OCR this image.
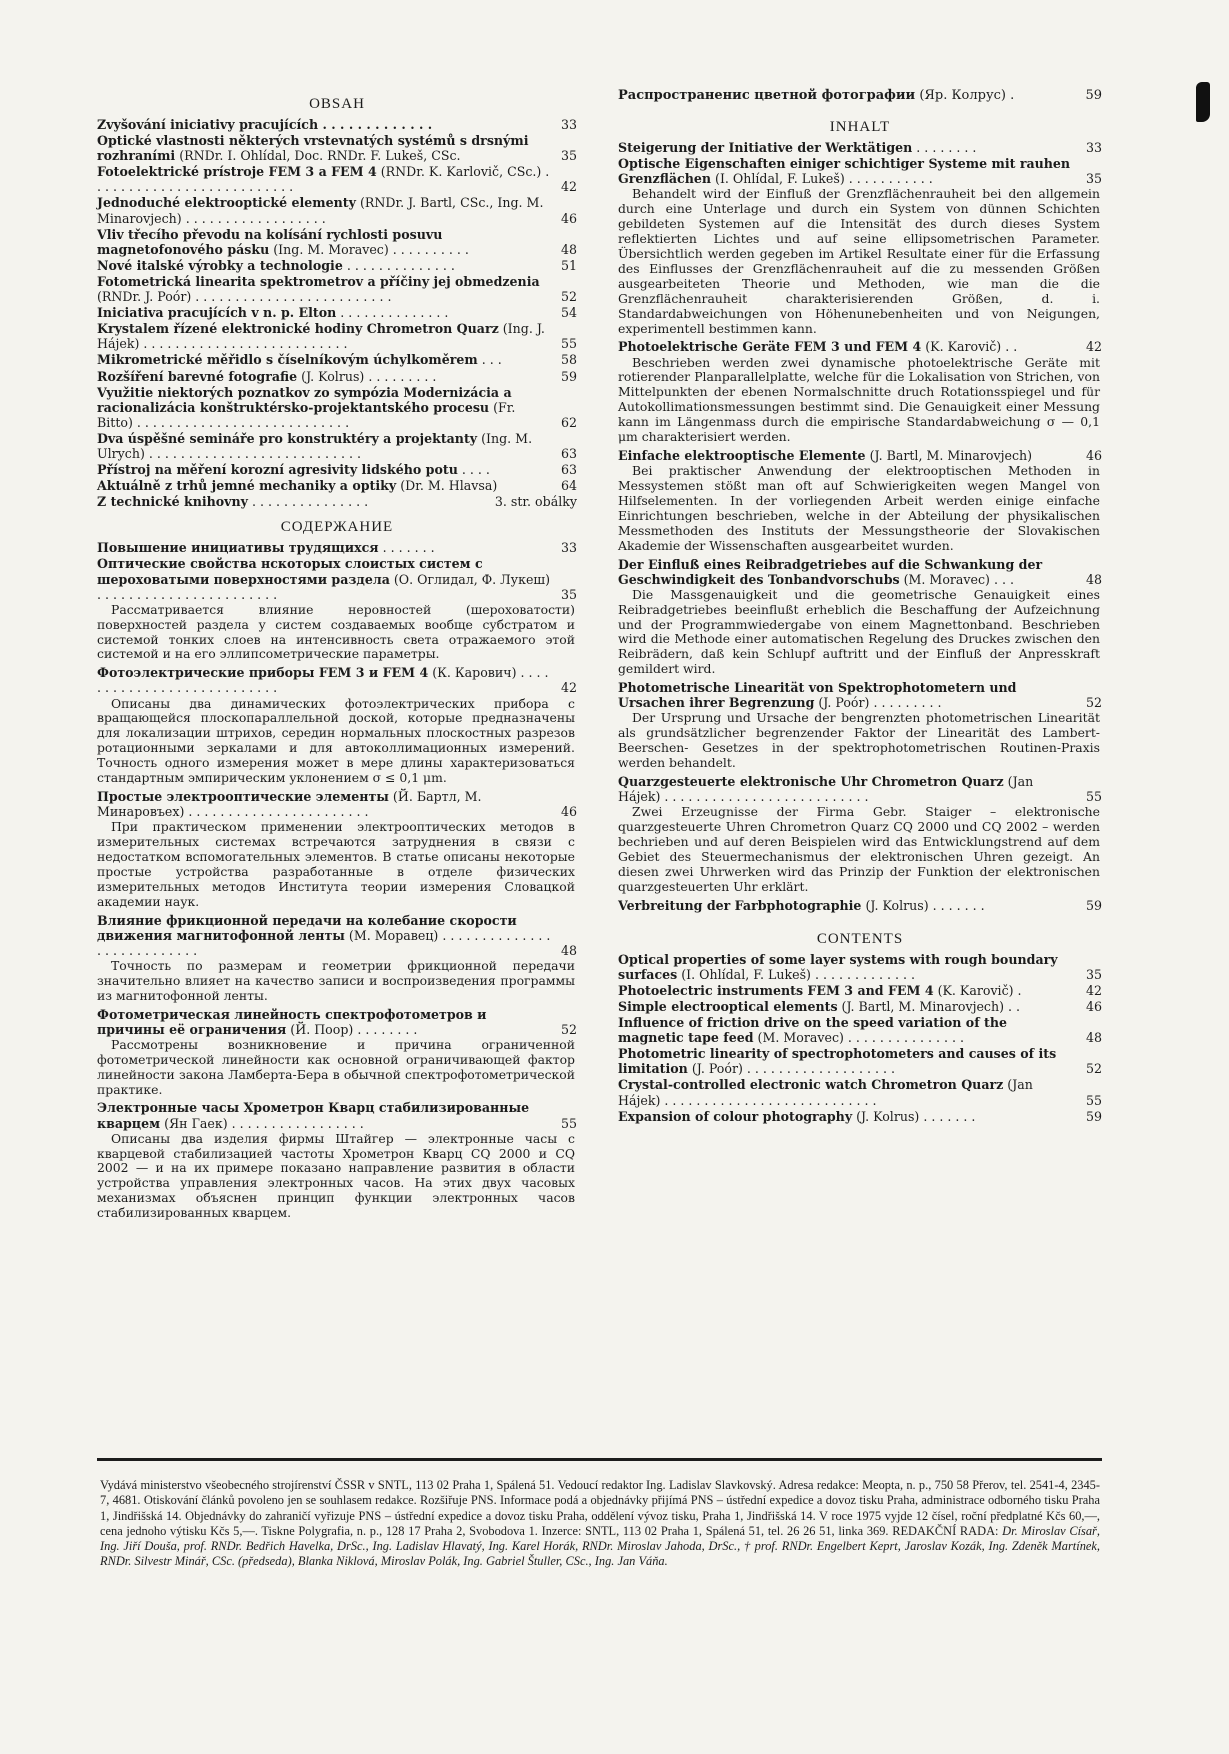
OBSAH
Zvyšování iniciativy pracujících . . . . . . . . . . . . .	33
Optické vlastnosti některých vrstevnatých systémů s drsnými rozhraními (RNDr. I. Ohlídal, Doc. RNDr. F. Lukeš, CSc.	35
Fotoelektrické prístroje FEM 3 a FEM 4 (RNDr. K. Karlovič, CSc.) . . . . . . . . . . . . . . . . . . . . . . . . . .	42
Jednoduché elektrooptické elementy (RNDr. J. Bartl, CSc., Ing. M. Minarovjech) . . . . . . . . . . . . . . . . . .	46
Vliv třecího převodu na kolísání rychlosti posuvu magnetofonového pásku (Ing. M. Moravec) . . . . . . . . . .	48
Nové italské výrobky a technologie . . . . . . . . . . . . . .	51
Fotometrická linearita spektrometrov a příčiny jej obmedzenia (RNDr. J. Poór) . . . . . . . . . . . . . . . . . . . . . . . . .	52
Iniciativa pracujících v n. p. Elton . . . . . . . . . . . . . .	54
Krystalem řízené elektronické hodiny Chrometron Quarz (Ing. J. Hájek) . . . . . . . . . . . . . . . . . . . . . . . . . .	55
Mikrometrické měřidlo s číselníkovým úchylkoměrem . . .	58
Rozšíření barevné fotografie (J. Kolrus) . . . . . . . . .	59
Využitie niektorých poznatkov zo sympózia Modernizácia a racionalizácia konštruktérsko-projektantského procesu (Fr. Bitto) . . . . . . . . . . . . . . . . . . . . . . . . . . .	62
Dva úspěšné semináře pro konstruktéry a projektanty (Ing. M. Ulrych) . . . . . . . . . . . . . . . . . . . . . . . . . . .	63
Přístroj na měření korozní agresivity lidského potu . . . .	63
Aktuálně z trhů jemné mechaniky a optiky (Dr. M. Hlavsa)	64
Z technické knihovny . . . . . . . . . . . . . . .	3. str. obálky
СОДЕРЖАНИЕ
Повышение инициативы трудящихся . . . . . . .	33
Оптические свойства нскоторых слоистых систем с шероховатыми поверхностями раздела (О. Оглидал, Ф. Лукеш) . . . . . . . . . . . . . . . . . . . . . . .	35
Рассматривается влияние неровностей (шероховатости) поверхностей раздела у систем создаваемых вообще субстратом и системой тонких слоев на интенсивность света отражаемого этой системой и на его эллипсометрические параметры.
Фотоэлектрические приборы FEM 3 и FEM 4 (К. Карович) . . . . . . . . . . . . . . . . . . . . . . . . . . .	42
Описаны два динамических фотоэлектрических прибора с вращающейся плоскопараллельной доской, которые предназначены для локализации штрихов, середин нормальных плоскостных разрезов ротационными зеркалами и для автоколлимационных измерений. Точность одного измерения может в мере длины характеризоваться стандартным эмпирическим уклонением σ ≤ 0,1 μm.
Простые электрооптические элементы (Й. Бартл, М. Минаровъех) . . . . . . . . . . . . . . . . . . . . . . .	46
При практическом применении электрооптических методов в измерительных системах встречаются затруднения в связи с недостатком вспомогательных элементов. В статье описаны некоторые простые устройства разработанные в отделе физических измерительных методов Института теории измерения Словацкой академии наук.
Влияние фрикционной передачи на колебание скорости движения магнитофонной ленты (М. Моравец) . . . . . . . . . . . . . . . . . . . . . . . . . . .	48
Точность по размерам и геометрии фрикционной передачи значительно влияет на качество записи и воспроизведения программы из магнитофонной ленты.
Фотометрическая линейность спектрофотометров и причины её ограничения (Й. Поор) . . . . . . . .	52
Рассмотрены возникновение и причина ограниченной фотометрической линейности как основной ограничивающей фактор линейности закона Ламберта-Бера в обычной спектрофотометрической практике.
Электронные часы Хрометрон Кварц стабилизированные кварцем (Ян Гаек) . . . . . . . . . . . . . . . . .	55
Описаны два изделия фирмы Штайгер — электронные часы с кварцевой стабилизацией частоты Хрометрон Кварц CQ 2000 и CQ 2002 — и на их примере показано направление развития в области устройства управления электронных часов. На этих двух часовых механизмах объяснен принцип функции электронных часов стабилизированных кварцем.
Распространенис цветной фотографии (Яр. Колрус) .	59
INHALT
Steigerung der Initiative der Werktätigen . . . . . . . .	33
Optische Eigenschaften einiger schichtiger Systeme mit rauhen Grenzflächen (I. Ohlídal, F. Lukeš) . . . . . . . . . . .	35
Behandelt wird der Einfluß der Grenzflächenrauheit bei den allgemein durch eine Unterlage und durch ein System von dünnen Schichten gebildeten Systemen auf die Intensität des durch dieses System reflektierten Lichtes und auf seine ellipsometrischen Parameter. Übersichtlich werden gegeben im Artikel Resultate einer für die Erfassung des Einflusses der Grenzflächenrauheit auf die zu messenden Größen ausgearbeiteten Theorie und Methoden, wie man die die Grenzflächenrauheit charakterisierenden Größen, d. i. Standardabweichungen von Höhenunebenheiten und von Neigungen, experimentell bestimmen kann.
Photoelektrische Geräte FEM 3 und FEM 4 (K. Karovič) . .	42
Beschrieben werden zwei dynamische photoelektrische Geräte mit rotierender Planparallelplatte, welche für die Lokalisation von Strichen, von Mittelpunkten der ebenen Normalschnitte druch Rotationsspiegel und für Autokollimationsmessungen bestimmt sind. Die Genauigkeit einer Messung kann im Längenmass durch die empirische Standardabweichung σ — 0,1 μm charakterisiert werden.
Einfache elektrooptische Elemente (J. Bartl, M. Minarovjech)	46
Bei praktischer Anwendung der elektrooptischen Methoden in Messystemen stößt man oft auf Schwierigkeiten wegen Mangel von Hilfselementen. In der vorliegenden Arbeit werden einige einfache Einrichtungen beschrieben, welche in der Abteilung der physikalischen Messmethoden des Instituts der Messungstheorie der Slovakischen Akademie der Wissenschaften ausgearbeitet wurden.
Der Einfluß eines Reibradgetriebes auf die Schwankung der Geschwindigkeit des Tonbandvorschubs (M. Moravec) . . .	48
Die Massgenauigkeit und die geometrische Genauigkeit eines Reibradgetriebes beeinflußt erheblich die Beschaffung der Aufzeichnung und der Programmwiedergabe von einem Magnettonband. Beschrieben wird die Methode einer automatischen Regelung des Druckes zwischen den Reibrädern, daß kein Schlupf auftritt und der Einfluß der Anpresskraft gemildert wird.
Photometrische Linearität von Spektrophotometern und Ursachen ihrer Begrenzung (J. Poór) . . . . . . . . .	52
Der Ursprung und Ursache der bengrenzten photometrischen Linearität als grundsätzlicher begrenzender Faktor der Linearität des Lambert- Beerschen- Gesetzes in der spektrophotometrischen Routinen-Praxis werden behandelt.
Quarzgesteuerte elektronische Uhr Chrometron Quarz (Jan Hájek) . . . . . . . . . . . . . . . . . . . . . . . . . .	55
Zwei Erzeugnisse der Firma Gebr. Staiger – elektronische quarzgesteuerte Uhren Chrometron Quarz CQ 2000 und CQ 2002 – werden bechrieben und auf deren Beispielen wird das Entwicklungstrend auf dem Gebiet des Steuermechanismus der elektronischen Uhren gezeigt. An diesen zwei Uhrwerken wird das Prinzip der Funktion der elektronischen quarzgesteuerten Uhr erklärt.
Verbreitung der Farbphotographie (J. Kolrus) . . . . . . .	59
CONTENTS
Optical properties of some layer systems with rough boundary surfaces (I. Ohlídal, F. Lukeš) . . . . . . . . . . . . .	35
Photoelectric instruments FEM 3 and FEM 4 (K. Karovič) .	42
Simple electrooptical elements (J. Bartl, M. Minarovjech) . .	46
Influence of friction drive on the speed variation of the magnetic tape feed (M. Moravec) . . . . . . . . . . . . . . .	48
Photometric linearity of spectrophotometers and causes of its limitation (J. Poór) . . . . . . . . . . . . . . . . . . .	52
Crystal-controlled electronic watch Chrometron Quarz (Jan Hájek) . . . . . . . . . . . . . . . . . . . . . . . . . . .	55
Expansion of colour photography (J. Kolrus) . . . . . . .	59
Vydává ministerstvo všeobecného strojírenství ČSSR v SNTL, 113 02 Praha 1, Spálená 51. Vedoucí redaktor Ing. Ladislav Slavkovský. Adresa redakce: Meopta, n. p., 750 58 Přerov, tel. 2541-4, 2345-7, 4681. Otiskování článků povoleno jen se souhlasem redakce. Rozšiřuje PNS. Informace podá a objednávky přijímá PNS – ústřední expedice a dovoz tisku Praha, administrace odborného tisku Praha 1, Jindřišská 14. Objednávky do zahraničí vyřizuje PNS – ústřední expedice a dovoz tisku Praha, oddělení vývoz tisku, Praha 1, Jindřišská 14. V roce 1975 vyjde 12 čísel, roční předplatné Kčs 60,—, cena jednoho výtisku Kčs 5,—. Tiskne Polygrafia, n. p., 128 17 Praha 2, Svobodova 1. Inzerce: SNTL, 113 02 Praha 1, Spálená 51, tel. 26 26 51, linka 369. REDAKČNÍ RADA: Dr. Miroslav Císař, Ing. Jiří Douša, prof. RNDr. Bedřich Havelka, DrSc., Ing. Ladislav Hlavatý, Ing. Karel Horák, RNDr. Miroslav Jahoda, DrSc., † prof. RNDr. Engelbert Keprt, Jaroslav Kozák, Ing. Zdeněk Martínek, RNDr. Silvestr Minář, CSc. (předseda), Blanka Niklová, Miroslav Polák, Ing. Gabriel Štuller, CSc., Ing. Jan Váňa.
